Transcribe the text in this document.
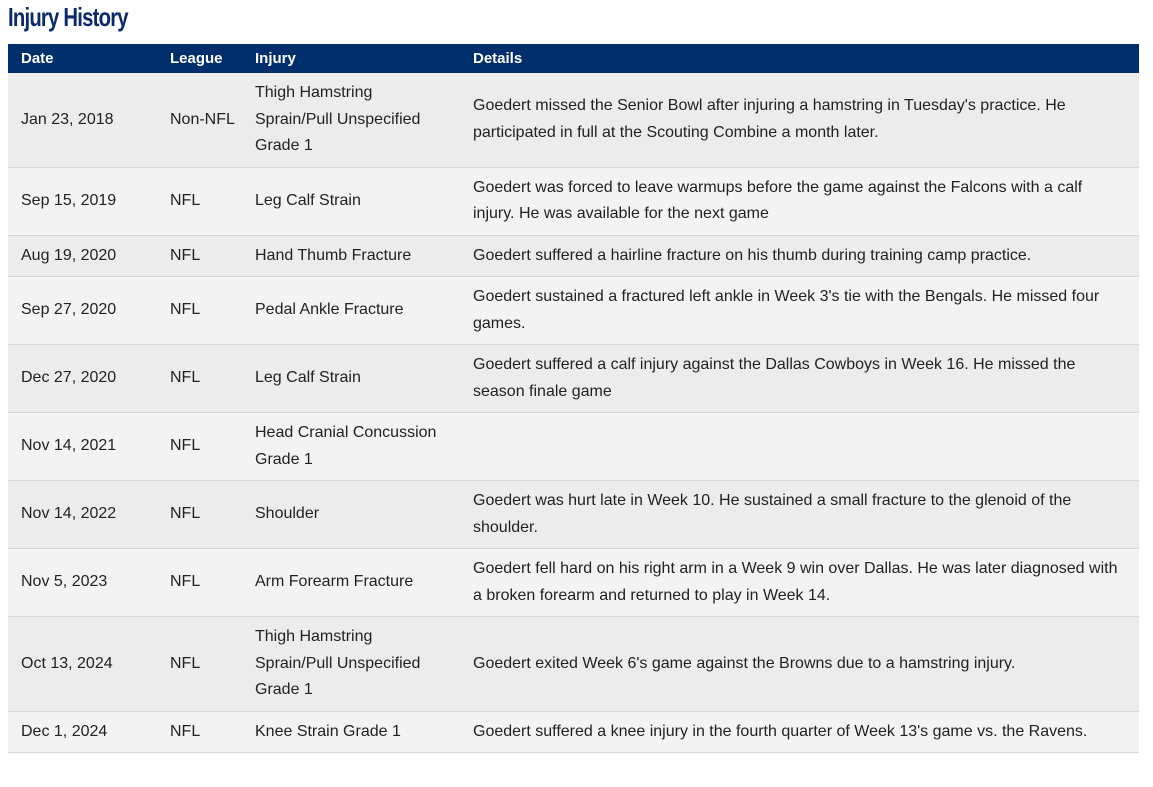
Injury History
Date	League	Injury	Details
Jan 23, 2018	Non-NFL	Thigh Hamstring Sprain/Pull Unspecified Grade 1	Goedert missed the Senior Bowl after injuring a hamstring in Tuesday's practice. He participated in full at the Scouting Combine a month later.
Sep 15, 2019	NFL	Leg Calf Strain	Goedert was forced to leave warmups before the game against the Falcons with a calf injury. He was available for the next game
Aug 19, 2020	NFL	Hand Thumb Fracture	Goedert suffered a hairline fracture on his thumb during training camp practice.
Sep 27, 2020	NFL	Pedal Ankle Fracture	Goedert sustained a fractured left ankle in Week 3's tie with the Bengals. He missed four games.
Dec 27, 2020	NFL	Leg Calf Strain	Goedert suffered a calf injury against the Dallas Cowboys in Week 16. He missed the season finale game
Nov 14, 2021	NFL	Head Cranial Concussion Grade 1	
Nov 14, 2022	NFL	Shoulder	Goedert was hurt late in Week 10. He sustained a small fracture to the glenoid of the shoulder.
Nov 5, 2023	NFL	Arm Forearm Fracture	Goedert fell hard on his right arm in a Week 9 win over Dallas. He was later diagnosed with a broken forearm and returned to play in Week 14.
Oct 13, 2024	NFL	Thigh Hamstring Sprain/Pull Unspecified Grade 1	Goedert exited Week 6's game against the Browns due to a hamstring injury.
Dec 1, 2024	NFL	Knee Strain Grade 1	Goedert suffered a knee injury in the fourth quarter of Week 13's game vs. the Ravens.
